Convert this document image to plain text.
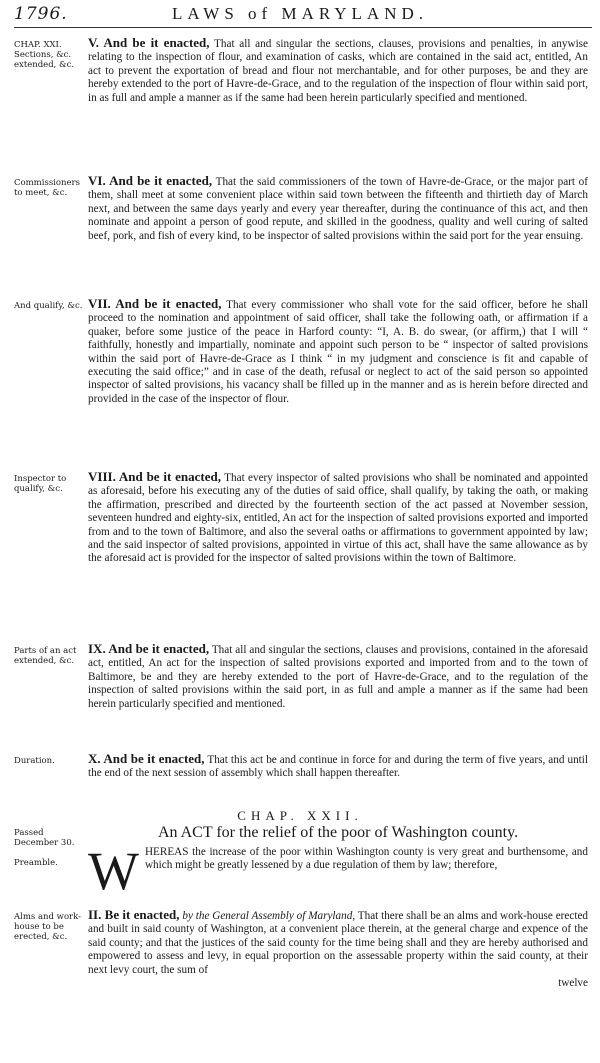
1796.	LAWS of MARYLAND.
CHAP. XXI. Sections, &c. extended, &c.
V. And be it enacted, That all and singular the sections, clauses, provisions and penalties, in anywise relating to the inspection of flour, and examination of casks, which are contained in the said act, entitled, An act to prevent the exportation of bread and flour not merchantable, and for other purposes, be and they are hereby extended to the port of Havre-de-Grace, and to the regulation of the inspection of flour within said port, in as full and ample a manner as if the same had been herein particularly specified and mentioned.
Commissioners to meet, &c.
VI. And be it enacted, That the said commissioners of the town of Havre-de-Grace, or the major part of them, shall meet at some convenient place within said town between the fifteenth and thirtieth day of March next, and between the same days yearly and every year thereafter, during the continuance of this act, and then nominate and appoint a person of good repute, and skilled in the goodness, quality and well curing of salted beef, pork, and fish of every kind, to be inspector of salted provisions within the said port for the year ensuing.
And qualify, &c. VII. And be it enacted, That every commissioner who shall vote for the said officer, before he shall proceed to the nomination and appointment of said officer, shall take the following oath, or affirmation if a quaker, before some justice of the peace in Harford county: “I, A. B. do swear, (or affirm,) that I will “ faithfully, honestly and impartially, nominate and appoint such person to be “ inspector of salted provisions within the said port of Havre-de-Grace as I think “ in my judgment and conscience is fit and capable of executing the said office;” and in case of the death, refusal or neglect to act of the said person so appointed inspector of salted provisions, his vacancy shall be filled up in the manner and as is herein before directed and provided in the case of the inspector of flour.
Inspector to qualify, &c.
VIII. And be it enacted, That every inspector of salted provisions who shall be nominated and appointed as aforesaid, before his executing any of the duties of said office, shall qualify, by taking the oath, or making the affirmation, prescribed and directed by the fourteenth section of the act passed at November session, seventeen hundred and eighty-six, entitled, An act for the inspection of salted provisions exported and imported from and to the town of Baltimore, and also the several oaths or affirmations to government appointed by law; and the said inspector of salted provisions, appointed in virtue of this act, shall have the same allowance as by the aforesaid act is provided for the inspector of salted provisions within the town of Baltimore.
Parts of an act extended, &c.
IX. And be it enacted, That all and singular the sections, clauses and provisions, contained in the aforesaid act, entitled, An act for the inspection of salted provisions exported and imported from and to the town of Baltimore, be and they are hereby extended to the port of Havre-de-Grace, and to the regulation of the inspection of salted provisions within the said port, in as full and ample a manner as if the same had been herein particularly specified and mentioned.
Duration.	X. And be it enacted, That this act be and continue in force for and during the term of five years, and until the end of the next session of assembly which shall happen thereafter.
CHAP. XXII.
An ACT for the relief of the poor of Washington county.
Passed December 30.
Preamble. W HEREAS the increase of the poor within Washington county is very great and burthensome, and which might be greatly lessened by a due regulation of them by law; therefore,
Alms and work-house to be erected, &c.
II. Be it enacted, by the General Assembly of Maryland, That there shall be an alms and work-house erected and built in said county of Washington, at a convenient place therein, at the general charge and expence of the said county; and that the justices of the said county for the time being shall and they are hereby authorised and empowered to assess and levy, in equal proportion on the assessable property within the said county, at their next levy court, the sum of
twelve
